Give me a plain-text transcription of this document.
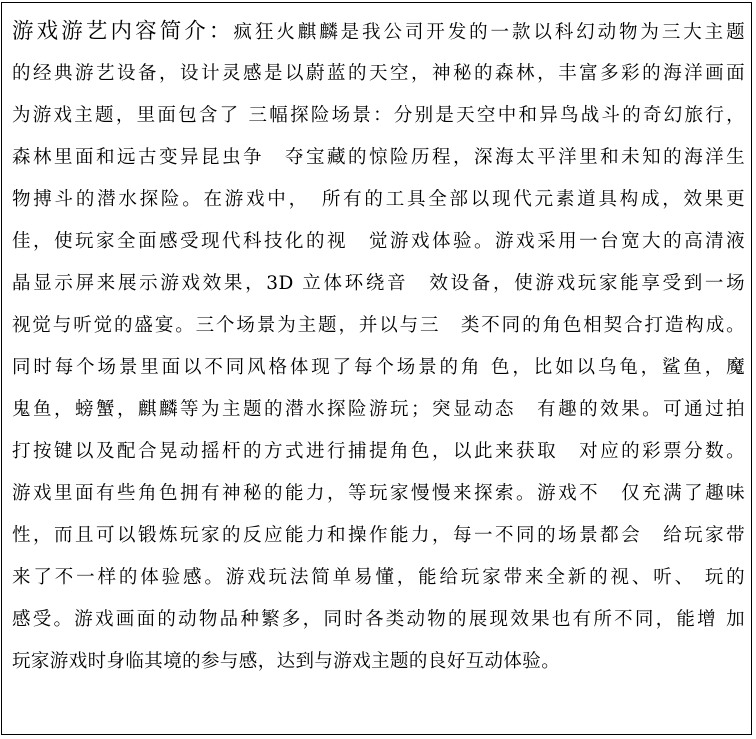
游戏游艺内容简介：疯狂火麒麟是我公司开发的一款以科幻动物为三大主题
的经典游艺设备，设计灵感是以蔚蓝的天空，神秘的森林，丰富多彩的海洋画面
为游戏主题，里面包含了 三幅探险场景：分别是天空中和异鸟战斗的奇幻旅行，
森林里面和远古变异昆虫争　夺宝藏的惊险历程，深海太平洋里和未知的海洋生
物搏斗的潜水探险。在游戏中，　所有的工具全部以现代元素道具构成，效果更
佳，使玩家全面感受现代科技化的视　觉游戏体验。游戏采用一台宽大的高清液
晶显示屏来展示游戏效果，3D 立体环绕音　效设备，使游戏玩家能享受到一场
视觉与听觉的盛宴。三个场景为主题，并以与三　类不同的角色相契合打造构成。
同时每个场景里面以不同风格体现了每个场景的角 色，比如以乌龟，鲨鱼，魔
鬼鱼，螃蟹，麒麟等为主题的潜水探险游玩；突显动态　有趣的效果。可通过拍
打按键以及配合晃动摇杆的方式进行捕提角色，以此来获取　对应的彩票分数。
游戏里面有些角色拥有神秘的能力，等玩家慢慢来探索。游戏不　仅充满了趣味
性，而且可以锻炼玩家的反应能力和操作能力，每一不同的场景都会　给玩家带
来了不一样的体验感。游戏玩法简单易懂，能给玩家带来全新的视、听、 玩的
感受。游戏画面的动物品种繁多，同时各类动物的展现效果也有所不同，能增 加
玩家游戏时身临其境的参与感，达到与游戏主题的良好互动体验。
